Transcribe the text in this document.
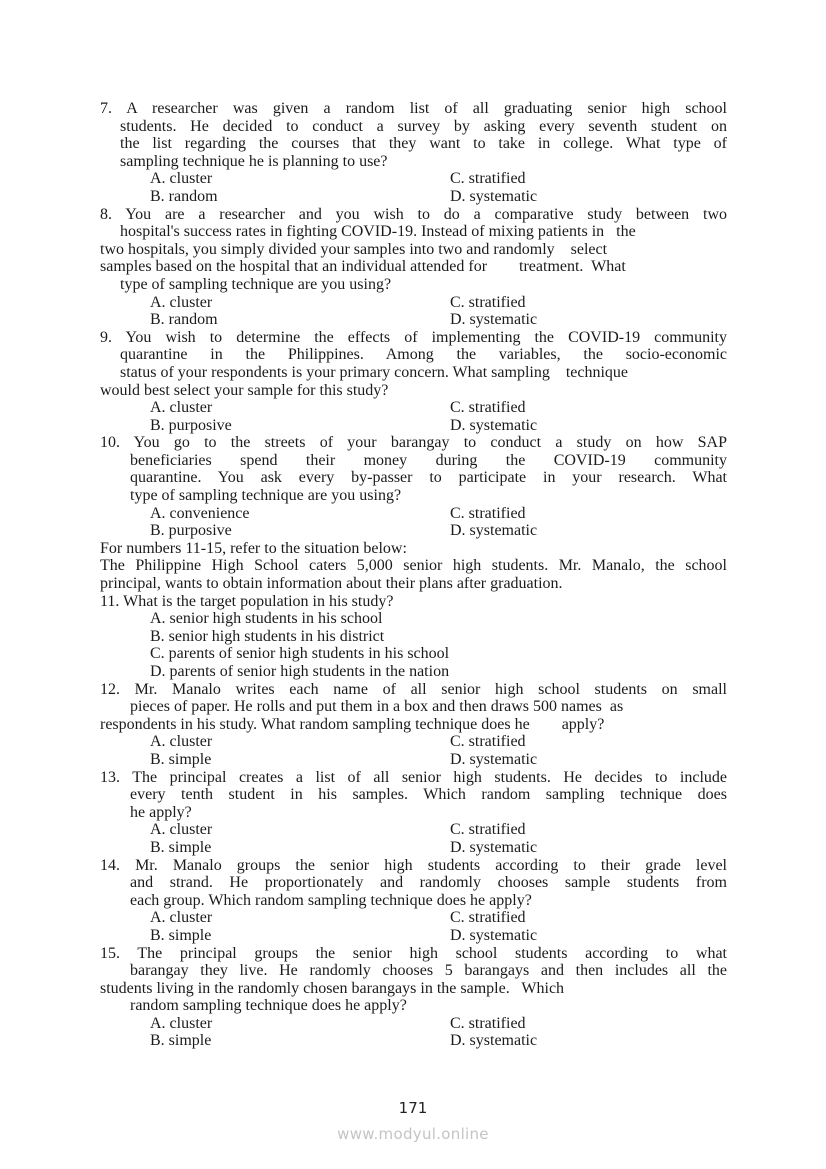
7. A researcher was given a random list of all graduating senior high school
students. He decided to conduct a survey by asking every seventh student on
the list regarding the courses that they want to take in college. What type of
sampling technique he is planning to use?
A. cluster	C. stratified
B. random	D. systematic
8. You are a researcher and you wish to do a comparative study between two
hospital's success rates in fighting COVID-19. Instead of mixing patients in   the
two hospitals, you simply divided your samples into two and randomly    select
samples based on the hospital that an individual attended for        treatment.  What
type of sampling technique are you using?
A. cluster	C. stratified
B. random	D. systematic
9. You wish to determine the effects of implementing the COVID-19 community
quarantine in the Philippines. Among the variables, the socio-economic
status of your respondents is your primary concern. What sampling    technique
would best select your sample for this study?
A. cluster	C. stratified
B. purposive	D. systematic
10. You go to the streets of your barangay to conduct a study on how SAP
beneficiaries spend their money during the COVID-19 community
quarantine. You ask every by-passer to participate in your research. What
type of sampling technique are you using?
A. convenience	C. stratified
B. purposive	D. systematic
For numbers 11-15, refer to the situation below:
The Philippine High School caters 5,000 senior high students. Mr. Manalo, the school
principal, wants to obtain information about their plans after graduation.
11. What is the target population in his study?
A. senior high students in his school
B. senior high students in his district
C. parents of senior high students in his school
D. parents of senior high students in the nation
12. Mr. Manalo writes each name of all senior high school students on small
pieces of paper. He rolls and put them in a box and then draws 500 names  as
respondents in his study. What random sampling technique does he        apply?
A. cluster	C. stratified
B. simple	D. systematic
13. The principal creates a list of all senior high students. He decides to include
every tenth student in his samples. Which random sampling technique does
he apply?
A. cluster	C. stratified
B. simple	D. systematic
14. Mr. Manalo groups the senior high students according to their grade level
and strand. He proportionately and randomly chooses sample students from
each group. Which random sampling technique does he apply?
A. cluster	C. stratified
B. simple	D. systematic
15. The principal groups the senior high school students according to what
barangay they live. He randomly chooses 5 barangays and then includes all the
students living in the randomly chosen barangays in the sample.   Which
random sampling technique does he apply?
A. cluster	C. stratified
B. simple	D. systematic
171
www.modyul.online
